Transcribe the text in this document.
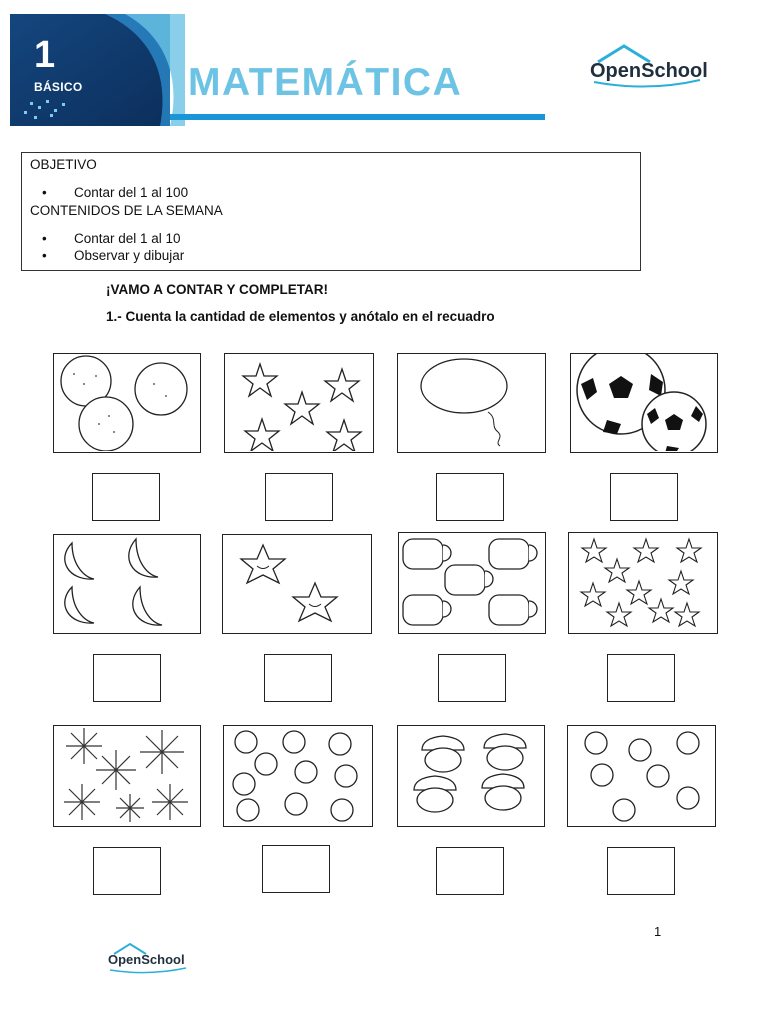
1
BÁSICO	MATEMÁTICA	OpenSchool
OBJETIVO
Contar del 1 al 100
CONTENIDOS DE LA SEMANA
Contar del 1 al 10
Observar y dibujar
¡VAMO A CONTAR Y COMPLETAR!
1.- Cuenta la cantidad de elementos y anótalo en el recuadro
1
OpenSchool
